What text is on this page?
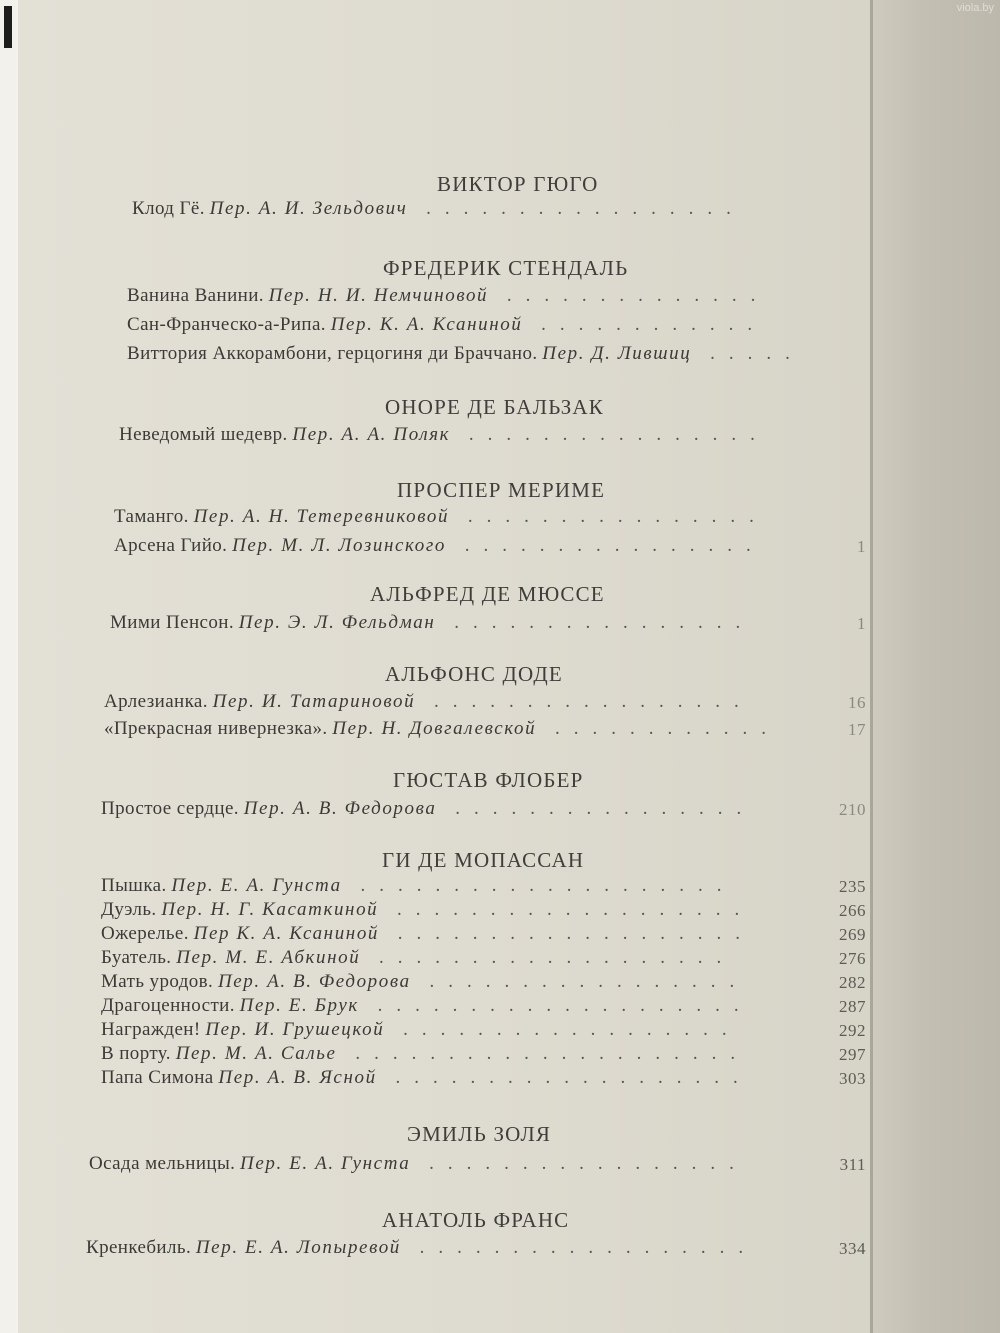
viola.by
ВИКТОР ГЮГО
Клод Гё. Пер. А. И. Зельдович .................
ФРЕДЕРИК СТЕНДАЛЬ
Ванина Ванини. Пер. Н. И. Немчиновой ..............
Сан-Франческо-а-Рипа. Пер. К. А. Ксаниной ............
Виттория Аккорамбони, герцогиня ди Браччано. Пер. Д. Лившиц .....
ОНОРЕ ДЕ БАЛЬЗАК
Неведомый шедевр. Пер. А. А. Поляк ................
ПРОСПЕР МЕРИМЕ
Таманго. Пер. А. Н. Тетеревниковой ................
Арсена Гийо. Пер. М. Л. Лозинского ................	1
АЛЬФРЕД ДЕ МЮССЕ
Мими Пенсон. Пер. Э. Л. Фельдман ................	1
АЛЬФОНС ДОДЕ
Арлезианка. Пер. И. Татариновой .................	16
«Прекрасная нивернезка». Пер. Н. Довгалевской ............	17
ГЮСТАВ ФЛОБЕР
Простое сердце. Пер. А. В. Федорова ................	210
ГИ ДЕ МОПАССАН
Пышка. Пер. Е. А. Гунста ....................	235
Дуэль. Пер. Н. Г. Касаткиной ...................	266
Ожерелье. Пер К. А. Ксаниной ...................	269
Буатель. Пер. М. Е. Абкиной ...................	276
Мать уродов. Пер. А. В. Федорова .................	282
Драгоценности. Пер. Е. Брук ....................	287
Награжден! Пер. И. Грушецкой ..................	292
В порту. Пер. М. А. Салье .....................	297
Папа Симона Пер. А. В. Ясной ...................	303
ЭМИЛЬ ЗОЛЯ
Осада мельницы. Пер. Е. А. Гунста .................	311
АНАТОЛЬ ФРАНС
Кренкебиль. Пер. Е. А. Лопыревой ..................	334
